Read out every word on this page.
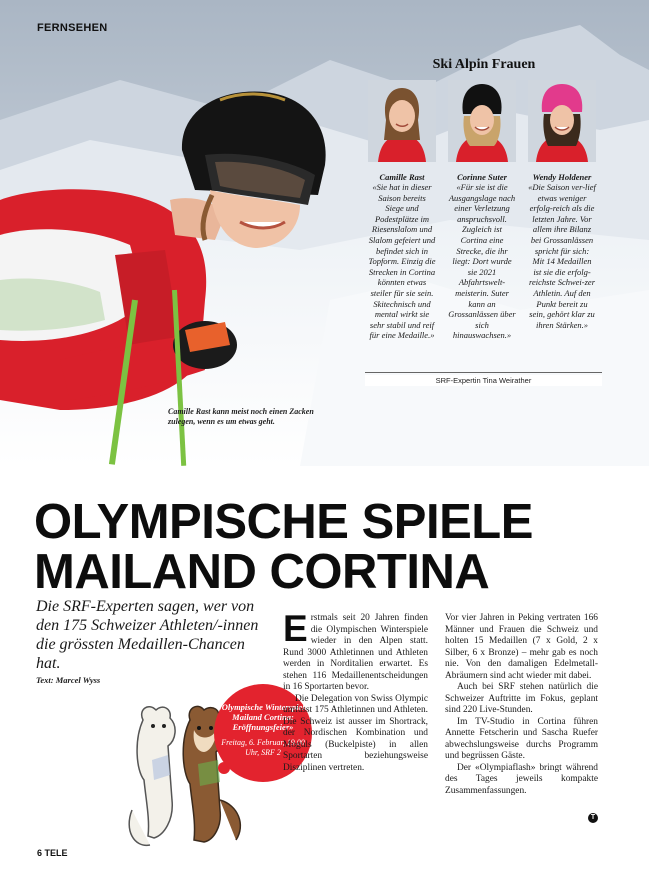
FERNSEHEN
Ski Alpin Frauen
Camille Rast
«Sie hat in dieser Saison bereits Siege und Podestplätze im Riesenslalom und Slalom gefeiert und befindet sich in Topform. Einzig die Strecken in Cortina könnten etwas steiler für sie sein. Skitechnisch und mental wirkt sie sehr stabil und reif für eine Medaille.»
Corinne Suter
«Für sie ist die Ausgangslage nach einer Verletzung anspruchsvoll. Zugleich ist Cortina eine Strecke, die ihr liegt: Dort wurde sie 2021 Abfahrtswelt-meisterin. Suter kann an Grossanlässen über sich hinauswachsen.»
Wendy Holdener
«Die Saison ver-lief etwas weniger erfolg-reich als die letzten Jahre. Vor allem ihre Bilanz bei Grossanlässen spricht für sich: Mit 14 Medaillen ist sie die erfolg-reichste Schwei-zer Athletin. Auf den Punkt bereit zu sein, gehört klar zu ihren Stärken.»
SRF-Expertin Tina Weirather
Camille Rast kann meist noch einen Zacken zulegen, wenn es um etwas geht.
OLYMPISCHE SPIELE
MAILAND CORTINA
Die SRF-Experten sagen, wer von den 175 Schweizer Athleten/-innen die grössten Medaillen-Chancen hat.
Text: Marcel Wyss
«Olympische Winterspiele Mailand Cortina: Eröffnungsfeier»
Freitag, 6. Februar, 19.00 Uhr, SRF 2
E rstmals seit 20 Jahren finden die Olympischen Winterspiele wieder in den Alpen statt. Rund 3000 Athletinnen und Athleten werden in Norditalien erwartet. Es stehen 116 Medaillenentscheidungen in 16 Sportarten bevor.

Die Delegation von Swiss Olympic umfasst 175 Athletinnen und Athleten. Die Schweiz ist ausser im Shortrack, der Nordischen Kombination und Moguls (Buckelpiste) in allen Sportarten beziehungsweise Disziplinen vertreten.

Vor vier Jahren in Peking vertraten 166 Männer und Frauen die Schweiz und holten 15 Medaillen (7 x Gold, 2 x Silber, 6 x Bronze) – mehr gab es noch nie. Von den damaligen Edelmetall-Abräumern sind acht wieder mit dabei.

Auch bei SRF stehen natürlich die Schweizer Auftritte im Fokus, geplant sind 220 Live-Stunden.

Im TV-Studio in Cortina führen Annette Fetscherin und Sascha Ruefer abwechslungsweise durchs Programm und begrüssen Gäste.

Der «Olympiaflash» bringt während des Tages jeweils kompakte Zusammenfassungen.

T
6 TELE
